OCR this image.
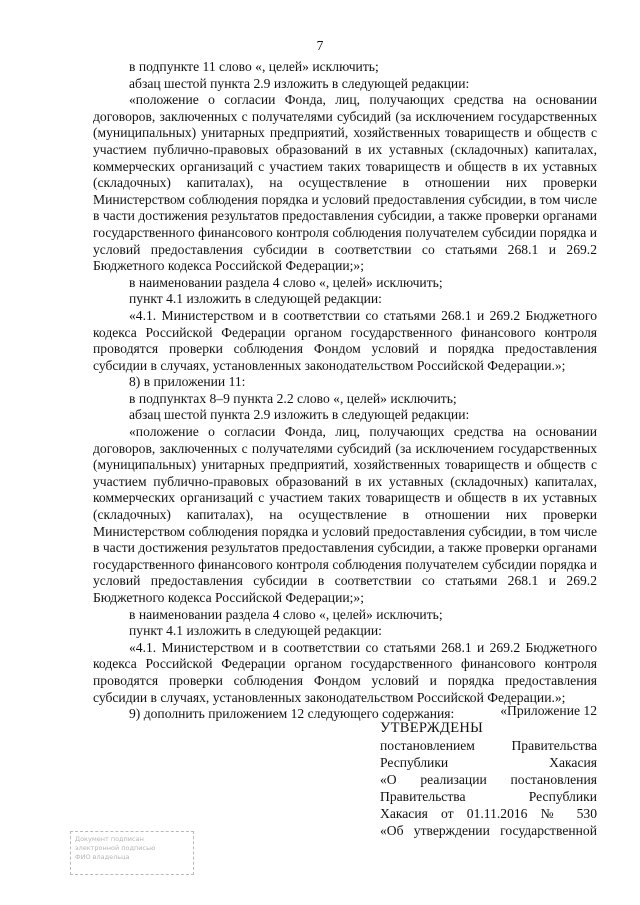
7

в подпункте 11 слово «, целей» исключить;

абзац шестой пункта 2.9 изложить в следующей редакции:

«положение о согласии Фонда, лиц, получающих средства на основании договоров, заключенных с получателями субсидий (за исключением государственных (муниципальных) унитарных предприятий, хозяйственных товариществ и обществ с участием публично-правовых образований в их уставных (складочных) капиталах, коммерческих организаций с участием таких товариществ и обществ в их уставных (складочных) капиталах), на осуществление в отношении них проверки Министерством соблюдения порядка и условий предоставления субсидии, в том числе в части достижения результатов предоставления субсидии, а также проверки органами государственного финансового контроля соблюдения получателем субсидии порядка и условий предоставления субсидии в соответствии со статьями 268.1 и 269.2 Бюджетного кодекса Российской Федерации;»;

в наименовании раздела 4 слово «, целей» исключить;

пункт 4.1 изложить в следующей редакции:

«4.1. Министерством и в соответствии со статьями 268.1 и 269.2 Бюджетного кодекса Российской Федерации органом государственного финансового контроля проводятся проверки соблюдения Фондом условий и порядка предоставления субсидии в случаях, установленных законодательством Российской Федерации.»;

8) в приложении 11:

в подпунктах 8–9 пункта 2.2 слово «, целей» исключить;

абзац шестой пункта 2.9 изложить в следующей редакции:

«положение о согласии Фонда, лиц, получающих средства на основании договоров, заключенных с получателями субсидий (за исключением государственных (муниципальных) унитарных предприятий, хозяйственных товариществ и обществ с участием публично-правовых образований в их уставных (складочных) капиталах, коммерческих организаций с участием таких товариществ и обществ в их уставных (складочных) капиталах), на осуществление в отношении них проверки Министерством соблюдения порядка и условий предоставления субсидии, в том числе в части достижения результатов предоставления субсидии, а также проверки органами государственного финансового контроля соблюдения получателем субсидии порядка и условий предоставления субсидии в соответствии со статьями 268.1 и 269.2 Бюджетного кодекса Российской Федерации;»;

в наименовании раздела 4 слово «, целей» исключить;

пункт 4.1 изложить в следующей редакции:

«4.1. Министерством и в соответствии со статьями 268.1 и 269.2 Бюджетного кодекса Российской Федерации органом государственного финансового контроля проводятся проверки соблюдения Фондом условий и порядка предоставления субсидии в случаях, установленных законодательством Российской Федерации.»;

9) дополнить приложением 12 следующего содержания:	«Приложение 12

УТВЕРЖДЕНЫ

постановлением Правительства

Республики Хакасия

«О реализации постановления

Правительства Республики

Хакасия от 01.11.2016 № 530

«Об утверждении государственной

Документ подписан
электронной подписью
ФИО владельца
